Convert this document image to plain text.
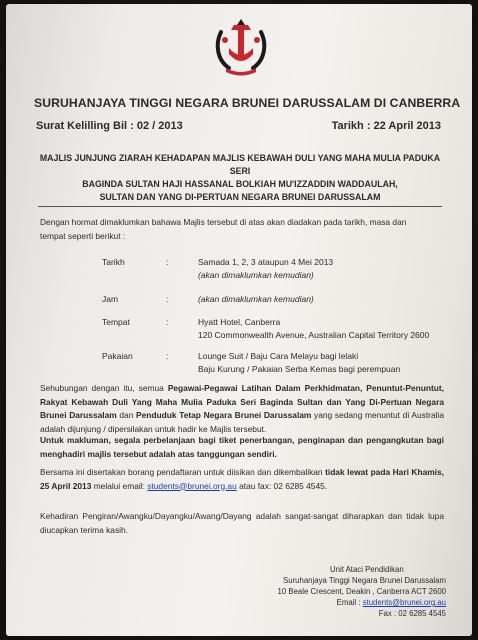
SURUHANJAYA TINGGI NEGARA BRUNEI DARUSSALAM DI CANBERRA
Surat Kelilling Bil : 02 / 2013	Tarikh : 22 April 2013
MAJLIS JUNJUNG ZIARAH KEHADAPAN MAJLIS KEBAWAH DULI YANG MAHA MULIA PADUKA SERI
BAGINDA SULTAN HAJI HASSANAL BOLKIAH MU'IZZADDIN WADDAULAH,
SULTAN DAN YANG DI-PERTUAN NEGARA BRUNEI DARUSSALAM
Dengan hormat dimaklumkan bahawa Majlis tersebut di atas akan diadakan pada tarikh, masa dan
tempat seperti berikut :
Tarikh	:	Samada 1, 2, 3 ataupun 4 Mei 2013
(akan dimaklumkan kemudian)
Jam	:	(akan dimaklumkan kemudian)
Tempat	:	Hyatt Hotel, Canberra
120 Commonwealth Avenue, Australian Capital Territory 2600
Pakaian	:	Lounge Suit / Baju Cara Melayu bagi lelaki
Baju Kurung / Pakaian Serba Kemas bagi perempuan
Sehubungan dengan itu, semua Pegawai-Pegawai Latihan Dalam Perkhidmatan, Penuntut-Penuntut, Rakyat Kebawah Duli Yang Maha Mulia Paduka Seri Baginda Sultan dan Yang Di-Pertuan Negara Brunei Darussalam dan Penduduk Tetap Negara Brunei Darussalam yang sedang menuntut di Australia adalah dijunjung / dipersilakan untuk hadir ke Majlis tersebut.
Untuk makluman, segala perbelanjaan bagi tiket penerbangan, penginapan dan pengangkutan bagi menghadiri majlis tersebut adalah atas tanggungan sendiri.
Bersama ini disertakan borang pendaftaran untuk diisikan dan dikembalikan tidak lewat pada Hari Khamis, 25 April 2013 melalui email: students@brunei.org.au atau fax: 02 6285 4545.
Kehadiran Pengiran/Awangku/Dayangku/Awang/Dayang adalah sangat-sangat diharapkan dan tidak lupa diucapkan terima kasih.
Unit Ataci Pendidikan
Suruhanjaya Tinggi Negara Brunei Darussalam
10 Beale Crescent, Deakin , Canberra ACT 2600
Email : students@brunei.org.au
Fax : 02 6285 4545
